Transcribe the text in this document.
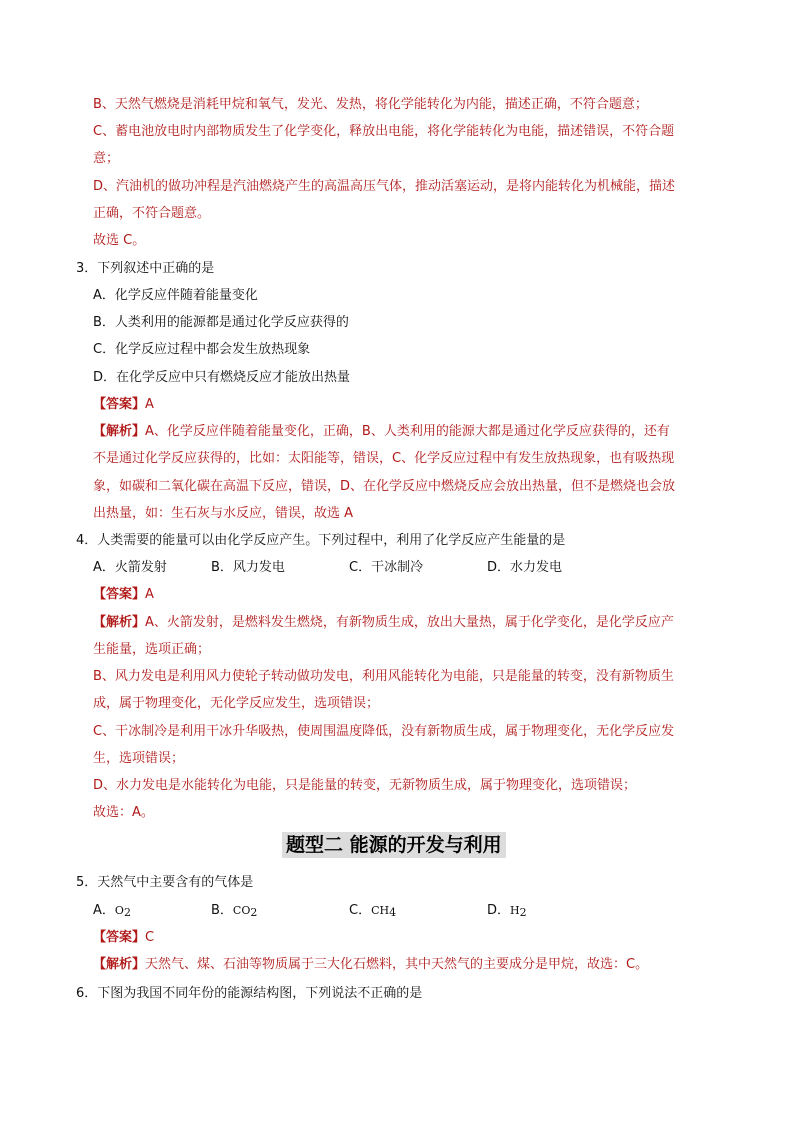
B、天然气燃烧是消耗甲烷和氧气，发光、发热，将化学能转化为内能，描述正确，不符合题意；
C、蓄电池放电时内部物质发生了化学变化，释放出电能，将化学能转化为电能，描述错误，不符合题
意；
D、汽油机的做功冲程是汽油燃烧产生的高温高压气体，推动活塞运动，是将内能转化为机械能，描述
正确，不符合题意。
故选 C。
3．下列叙述中正确的是
A．化学反应伴随着能量变化
B．人类利用的能源都是通过化学反应获得的
C．化学反应过程中都会发生放热现象
D．在化学反应中只有燃烧反应才能放出热量
【答案】A
【解析】A、化学反应伴随着能量变化，正确，B、人类利用的能源大都是通过化学反应获得的，还有
不是通过化学反应获得的，比如：太阳能等，错误，C、化学反应过程中有发生放热现象，也有吸热现
象，如碳和二氧化碳在高温下反应，错误，D、在化学反应中燃烧反应会放出热量，但不是燃烧也会放
出热量，如：生石灰与水反应，错误，故选 A
4．人类需要的能量可以由化学反应产生。下列过程中，利用了化学反应产生能量的是
A．火箭发射	B．风力发电	C．干冰制冷	D．水力发电
【答案】A
【解析】A、火箭发射，是燃料发生燃烧，有新物质生成，放出大量热，属于化学变化，是化学反应产
生能量，选项正确；
B、风力发电是利用风力使轮子转动做功发电，利用风能转化为电能，只是能量的转变，没有新物质生
成，属于物理变化，无化学反应发生，选项错误；
C、干冰制冷是利用干冰升华吸热，使周围温度降低，没有新物质生成，属于物理变化，无化学反应发
生，选项错误；
D、水力发电是水能转化为电能，只是能量的转变，无新物质生成，属于物理变化，选项错误；
故选：A。
题型二 能源的开发与利用
5．天然气中主要含有的气体是
A．$O_2$	B．$CO_2$	C．$CH_4$	D．$H_2$
【答案】C
【解析】天然气、煤、石油等物质属于三大化石燃料，其中天然气的主要成分是甲烷，故选：C。
6．下图为我国不同年份的能源结构图，下列说法不正确的是
